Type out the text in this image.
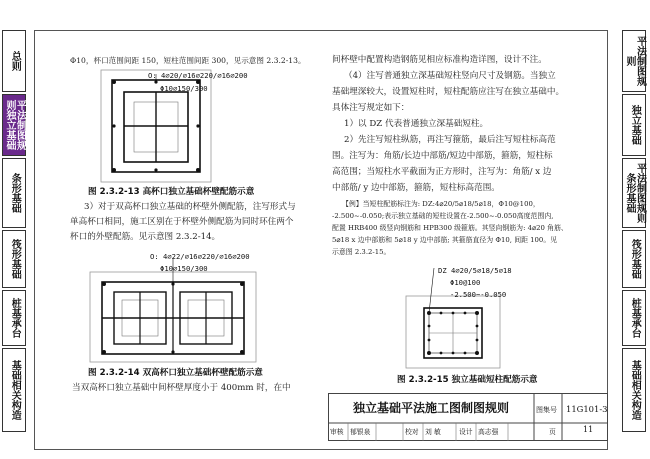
总则
平法制图规则独立基础
条形基础
筏形基础
桩基承台
基础相关构造
平法制图规则
独立基础
平法制图规则条形基础
筏形基础
桩基承台
基础相关构造
Φ10，杯口范围间距 150，短柱范围间距 300，见示意图 2.3.2-13。
O: 4⌀20/⌀16⌀220/⌀16⌀200
Φ10⌀150/300
图 2.3.2-13 高杯口独立基础杯壁配筋示意
3）对于双高杯口独立基础的杯壁外侧配筋，注写形式与
单高杯口相同，施工区别在于杯壁外侧配筋为同时环住两个
杯口的外壁配筋。见示意图 2.3.2-14。
O: 4⌀22/⌀16⌀220/⌀16⌀200
Φ10⌀150/300
图 2.3.2-14 双高杯口独立基础杯壁配筋示意
当双高杯口独立基础中间杯壁厚度小于 400mm 时，在中
间杯壁中配置构造钢筋见相应标准构造详图，设计不注。
（4）注写普通独立深基础短柱竖向尺寸及钢筋。当独立
基础埋深较大，设置短柱时，短柱配筋应注写在独立基础中。
具体注写规定如下：
1）以 DZ 代表普通独立深基础短柱。
2）先注写短柱纵筋，再注写箍筋，最后注写短柱标高范
围。注写为：角筋/长边中部筋/短边中部筋，箍筋，短柱标
高范围；当短柱水平截面为正方形时，注写为：角筋/ x 边
中部筋/ y 边中部筋，箍筋，短柱标高范围。
【例】当短柱配筋标注为: DZ:4⌀20/5⌀18/5⌀18，Φ10@100，
-2.500~-0.050;表示独立基础的短柱设置在-2.500~-0.050高度范围内,
配置 HRB400 级竖向钢筋和 HPB300 级箍筋。其竖向钢筋为: 4⌀20 角筋、
5⌀18 x 边中部筋和 5⌀18 y 边中部筋; 其箍筋直径为 Φ10, 间距 100。见
示意图 2.3.2-15。
DZ 4⌀20/5⌀18/5⌀18
Φ10@100
-2.500~-0.050
图 2.3.2-15 独立基础短柱配筋示意
独立基础平法施工图制图规则	图集号 11G101-3
审核 郁银泉	校对 刘 敏	设计 高志强	页	11
